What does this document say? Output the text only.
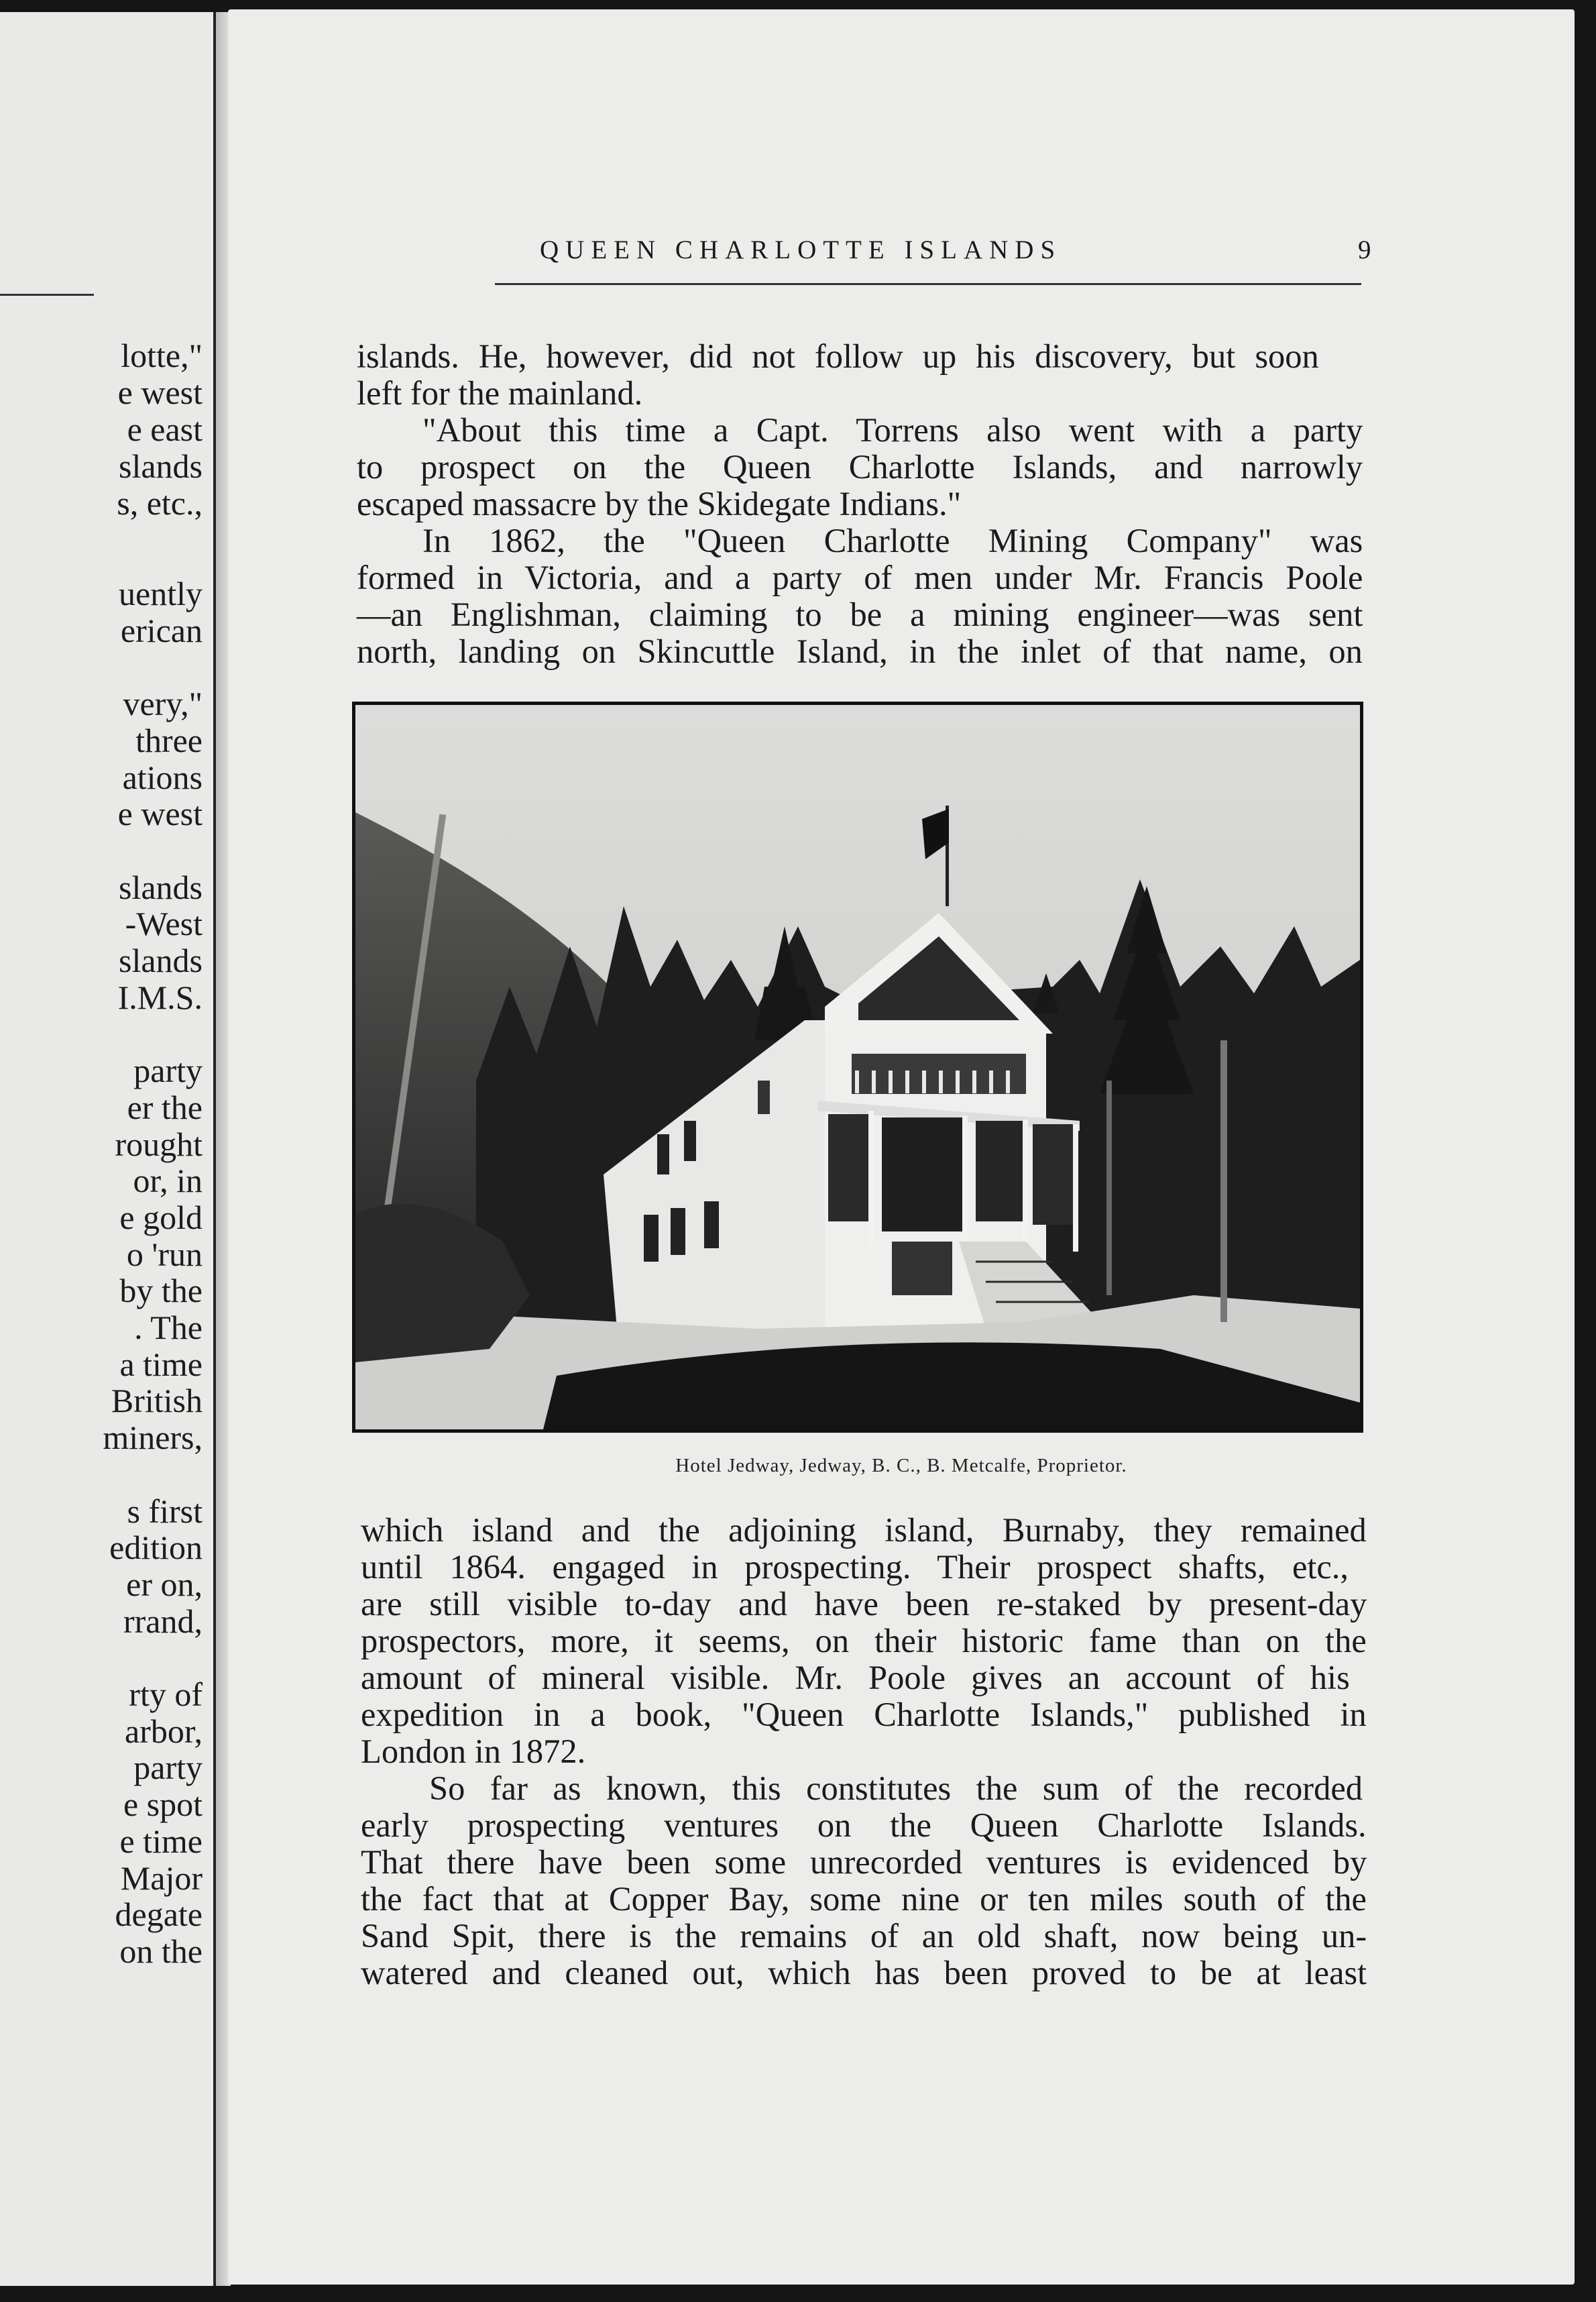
lotte,"

e west

e east

slands

s, etc.,

uently

erican

very,"

three

ations

e west

slands

-West

slands

I.M.S.

party

er the

rought

or, in

e gold

o 'run

by the

. The

a time

British

miners,

s first

edition

er on,

rrand,

rty of

arbor,

party

e spot

e time

Major

degate

on the

QUEEN CHARLOTTE ISLANDS	9

islands. He, however, did not follow up his discovery, but soon

left for the mainland.

"About this time a Capt. Torrens also went with a party

to prospect on the Queen Charlotte Islands, and narrowly

escaped massacre by the Skidegate Indians."

In 1862, the "Queen Charlotte Mining Company" was

formed in Victoria, and a party of men under Mr. Francis Poole

—an Englishman, claiming to be a mining engineer—was sent

north, landing on Skincuttle Island, in the inlet of that name, on

Hotel Jedway, Jedway, B. C., B. Metcalfe, Proprietor.

which island and the adjoining island, Burnaby, they remained

until 1864. engaged in prospecting. Their prospect shafts, etc.,

are still visible to-day and have been re-staked by present-day

prospectors, more, it seems, on their historic fame than on the

amount of mineral visible. Mr. Poole gives an account of his

expedition in a book, "Queen Charlotte Islands," published in

London in 1872.

So far as known, this constitutes the sum of the recorded

early prospecting ventures on the Queen Charlotte Islands.

That there have been some unrecorded ventures is evidenced by

the fact that at Copper Bay, some nine or ten miles south of the

Sand Spit, there is the remains of an old shaft, now being un-

watered and cleaned out, which has been proved to be at least
